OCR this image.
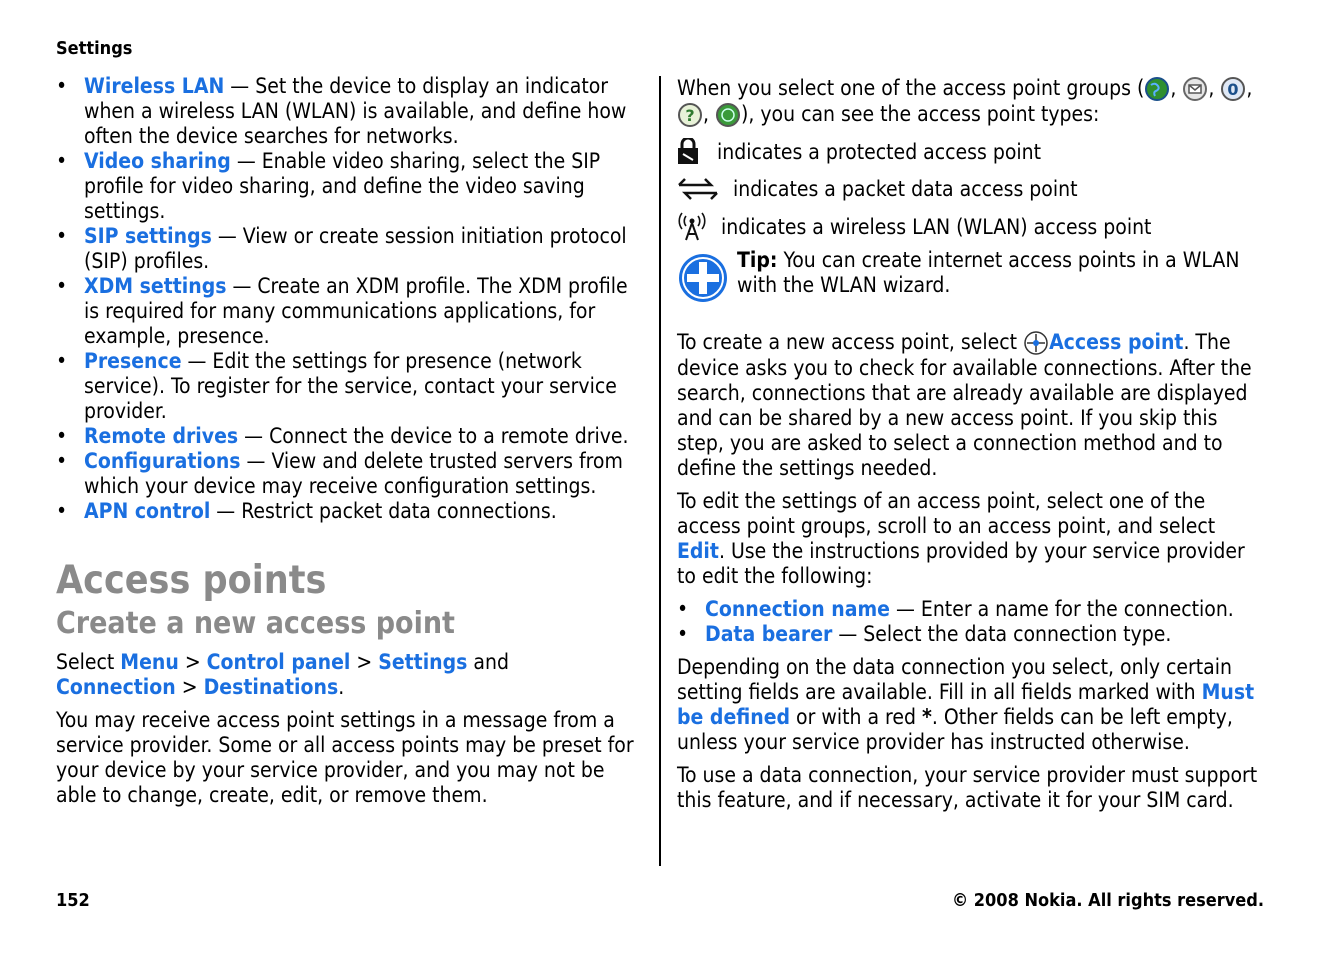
Settings
• Wireless LAN — Set the device to display an indicator when a wireless LAN (WLAN) is available, and define how often the device searches for networks.
• Video sharing — Enable video sharing, select the SIP profile for video sharing, and define the video saving settings.
• SIP settings — View or create session initiation protocol (SIP) profiles.
• XDM settings — Create an XDM profile. The XDM profile is required for many communications applications, for example, presence.
• Presence — Edit the settings for presence (network service). To register for the service, contact your service provider.
• Remote drives — Connect the device to a remote drive.
• Configurations — View and delete trusted servers from which your device may receive configuration settings.
• APN control — Restrict packet data connections.
Access points
Create a new access point

Select Menu > Control panel > Settings and
Connection > Destinations.

You may receive access point settings in a message from a service provider. Some or all access points may be preset for your device by your service provider, and you may not be able to change, create, edit, or remove them.

When you select one of the access point groups ( , , 0 ,

? , ), you can see the access point types:

indicates a protected access point
indicates a packet data access point
indicates a wireless LAN (WLAN) access point

Tip: You can create internet access points in a WLAN with the WLAN wizard.

To create a new access point, select Access point. The device asks you to check for available connections. After the search, connections that are already available are displayed and can be shared by a new access point. If you skip this step, you are asked to select a connection method and to define the settings needed.

To edit the settings of an access point, select one of the access point groups, scroll to an access point, and select Edit. Use the instructions provided by your service provider to edit the following:

• Connection name — Enter a name for the connection.
• Data bearer — Select the data connection type.

Depending on the data connection you select, only certain setting fields are available. Fill in all fields marked with Must be defined or with a red *. Other fields can be left empty, unless your service provider has instructed otherwise.

To use a data connection, your service provider must support this feature, and if necessary, activate it for your SIM card.

152	© 2008 Nokia. All rights reserved.
